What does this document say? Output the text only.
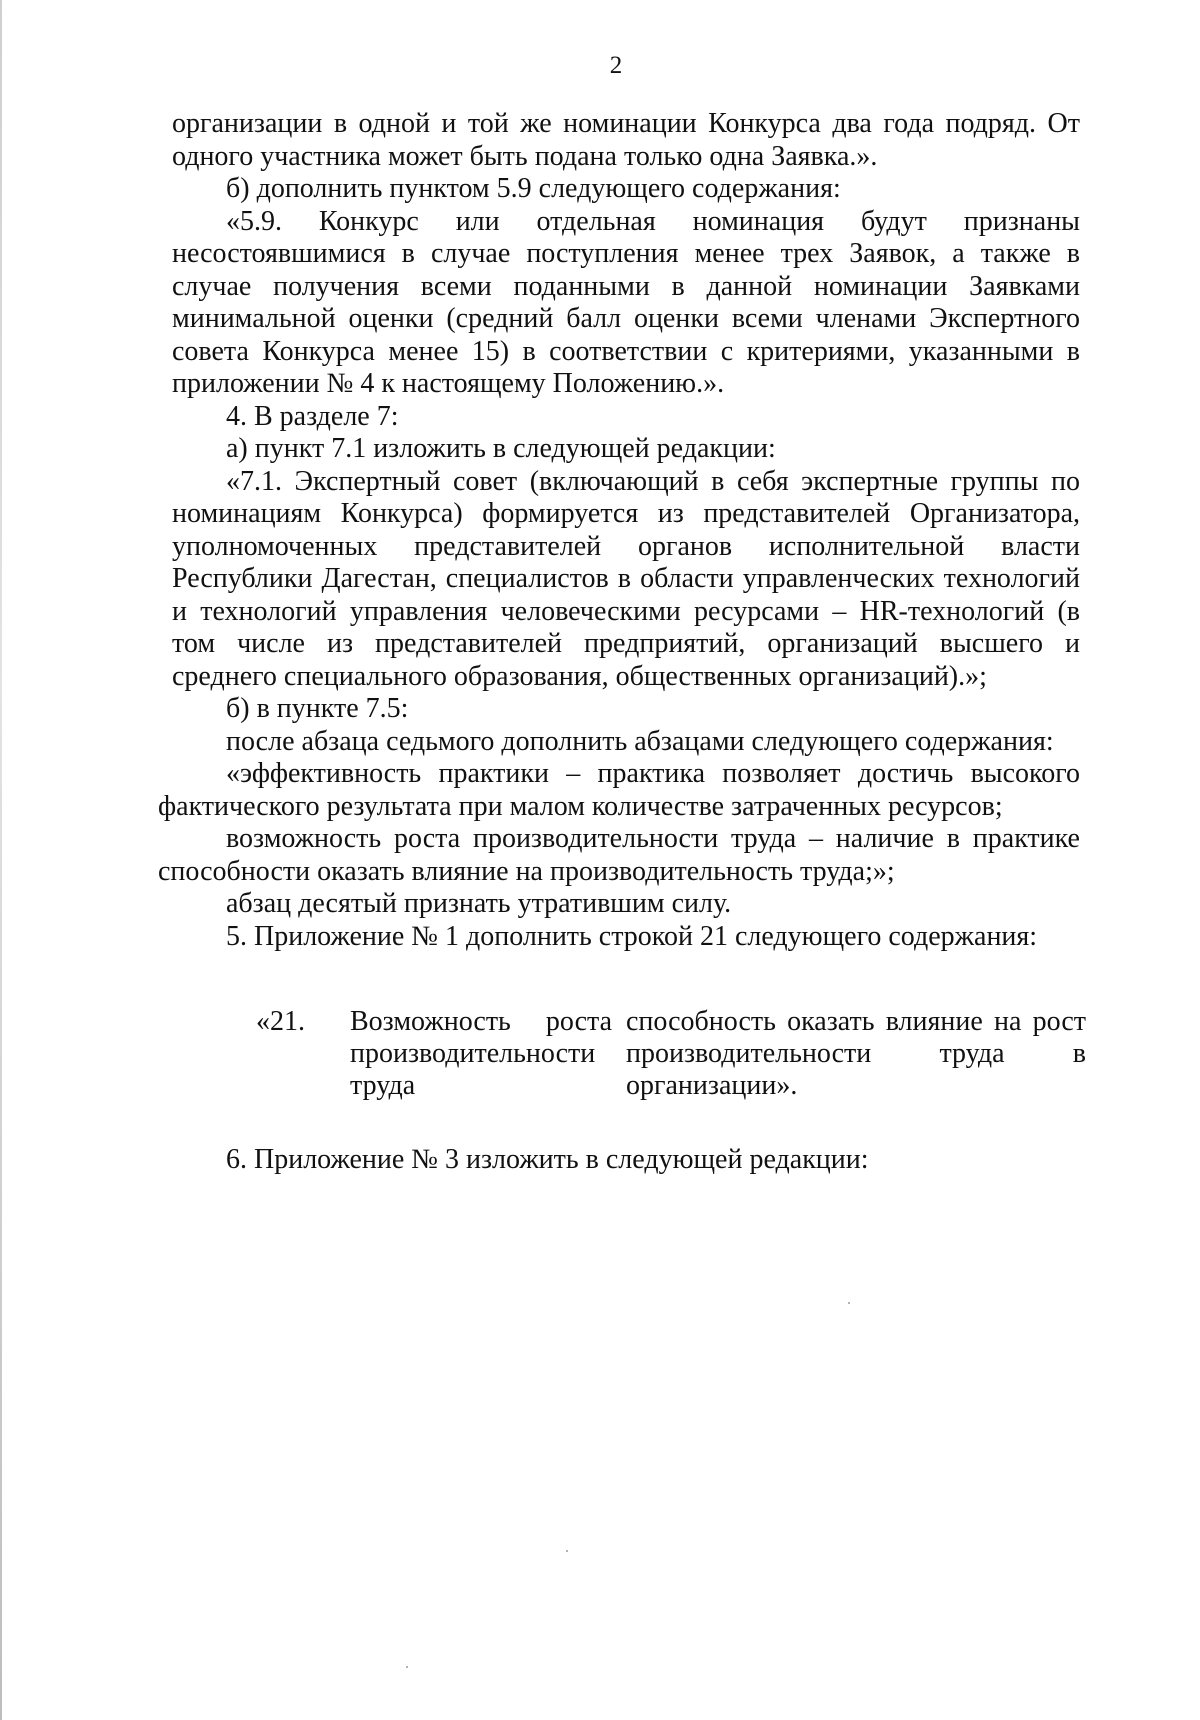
2

организации в одной и той же номинации Конкурса два года подряд. От одного участника может быть подана только одна Заявка.».

б) дополнить пунктом 5.9 следующего содержания:

«5.9. Конкурс или отдельная номинация будут признаны несостоявшимися в случае поступления менее трех Заявок, а также в случае получения всеми поданными в данной номинации Заявками минимальной оценки (средний балл оценки всеми членами Экспертного совета Конкурса менее 15) в соответствии с критериями, указанными в приложении № 4 к настоящему Положению.».

4. В разделе 7:

а) пункт 7.1 изложить в следующей редакции:

«7.1. Экспертный совет (включающий в себя экспертные группы по номинациям Конкурса) формируется из представителей Организатора, уполномоченных представителей органов исполнительной власти Республики Дагестан, специалистов в области управленческих технологий и технологий управления человеческими ресурсами – HR-технологий (в том числе из представителей предприятий, организаций высшего и среднего специального образования, общественных организаций).»;

б) в пункте 7.5:

после абзаца седьмого дополнить абзацами следующего содержания:

«эффективность практики – практика позволяет достичь высокого фактического результата при малом количестве затраченных ресурсов;

возможность роста производительности труда – наличие в практике способности оказать влияние на производительность труда;»;

абзац десятый признать утратившим силу.

5. Приложение № 1 дополнить строкой 21 следующего содержания:

«21.	Возможность роста производительности труда
способность оказать влияние на рост
производительности труда в
организации».
6. Приложение № 3 изложить в следующей редакции:
